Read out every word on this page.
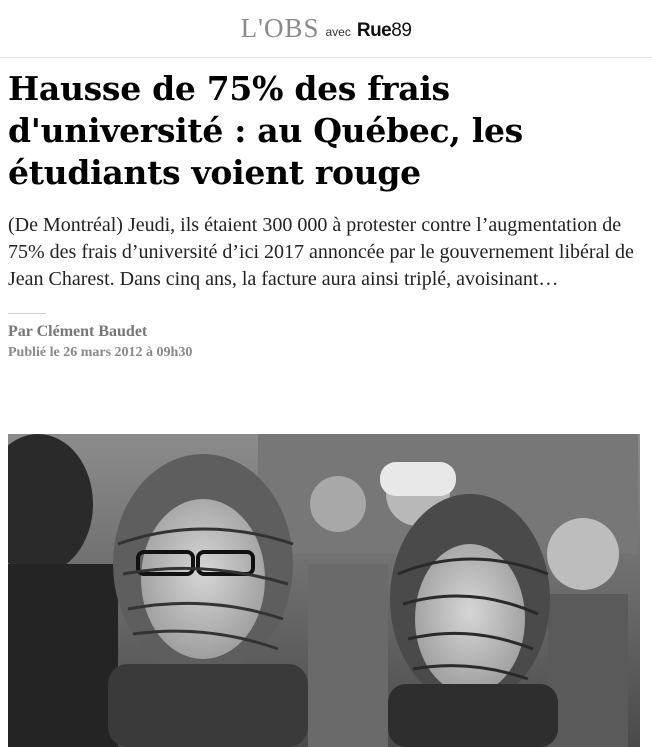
L'OBS avec Rue89
Hausse de 75% des frais d'université : au Québec, les étudiants voient rouge

(De Montréal) Jeudi, ils étaient 300 000 à protester contre l’augmentation de 75% des frais d’université d’ici 2017 annoncée par le gouvernement libéral de Jean Charest. Dans cinq ans, la facture aura ainsi triplé, avoisinant…

Par Clément Baudet
Publié le 26 mars 2012 à 09h30
